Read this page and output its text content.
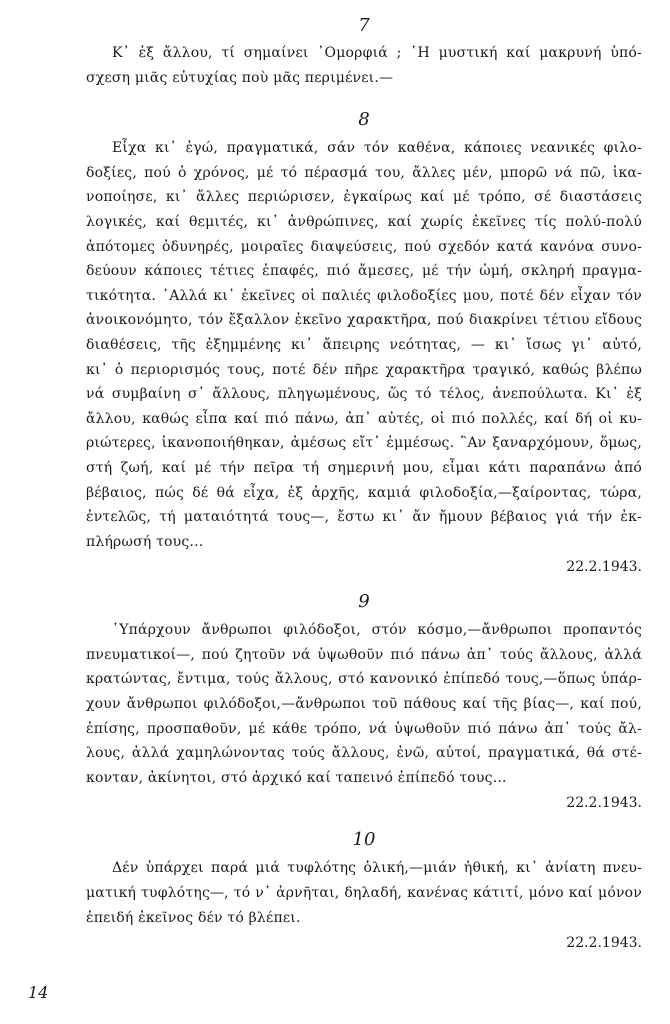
7

Κ᾿ ἐξ ἄλλου, τί σημαίνει ᾿Ομορφιά ; ῾Η μυστική καί μακρυνή ὑπό-
σχεση μιᾶς εὐτυχίας ποὺ μᾶς περιμένει.—

8

Εἶχα κι᾿ ἐγώ, πραγματικά, σάν τόν καθένα, κάποιες νεανικές φιλο-
δοξίες, πού ὁ χρόνος, μέ τό πέρασμά του, ἄλλες μέν, μπορῶ νά πῶ, ἱκα-
νοποίησε, κι᾿ ἄλλες περιώρισεν, ἐγκαίρως καί μέ τρόπο, σέ διαστάσεις
λογικές, καί θεμιτές, κι᾿ ἀνθρώπινες, καί χωρίς ἐκεῖνες τίς πολύ-πολύ
ἀπότομες ὀδυνηρές, μοιραῖες διαψεύσεις, πού σχεδόν κατά κανόνα συνο-
δεύουν κάποιες τέτιες ἐπαφές, πιό ἄμεσες, μέ τήν ὠμή, σκληρή πραγμα-
τικότητα. ᾿Αλλά κι᾿ ἐκεῖνες οἱ παλιές φιλοδοξίες μου, ποτέ δέν εἶχαν τόν
ἀνοικονόμητο, τόν ἔξαλλον ἐκεῖνο χαρακτῆρα, πού διακρίνει τέτιου εἴδους
διαθέσεις, τῆς ἐξημμένης κι᾿ ἄπειρης νεότητας, — κι᾿ ἴσως γι᾿ αὐτό,
κι᾿ ὁ περιορισμός τους, ποτέ δέν πῆρε χαρακτῆρα τραγικό, καθώς βλέπω
νά συμβαίνη σ᾿ ἄλλους, πληγωμένους, ὥς τό τέλος, ἀνεπούλωτα. Κι᾿ ἐξ
ἄλλου, καθώς εἶπα καί πιό πάνω, ἀπ᾿ αὐτές, οἱ πιό πολλές, καί δή οἱ κυ-
ριώτερες, ἱκανοποιήθηκαν, ἀμέσως εἴτ᾿ ἐμμέσως. ῍Αν ξαναρχόμουν, ὅμως,
στή ζωή, καί μέ τήν πεῖρα τή σημερινή μου, εἶμαι κάτι παραπάνω ἀπό
βέβαιος, πώς δέ θά εἶχα, ἐξ ἀρχῆς, καμιά φιλοδοξία,—ξαίροντας, τώρα,
ἐντελῶς, τή ματαιότητά τους—, ἔστω κι᾿ ἄν ἤμουν βέβαιος γιά τήν ἐκ-
πλήρωσή τους...

22.2.1943.

9

῾Υπάρχουν ἄνθρωποι φιλόδοξοι, στόν κόσμο,—ἄνθρωποι προπαντός
πνευματικοί—, πού ζητοῦν νά ὑψωθοῦν πιό πάνω ἀπ᾿ τούς ἄλλους, ἀλλά
κρατώντας, ἔντιμα, τούς ἄλλους, στό κανονικό ἐπίπεδό τους,—ὅπως ὑπάρ-
χουν ἄνθρωποι φιλόδοξοι,—ἄνθρωποι τοῦ πάθους καί τῆς βίας—, καί πού,
ἐπίσης, προσπαθοῦν, μέ κάθε τρόπο, νά ὑψωθοῦν πιό πάνω ἀπ᾿ τούς ἄλ-
λους, ἀλλά χαμηλώνοντας τούς ἄλλους, ἐνῶ, αὐτοί, πραγματικά, θά στέ-
κονταν, ἀκίνητοι, στό ἀρχικό καί ταπεινό ἐπίπεδό τους...

22.2.1943.

10

Δέν ὑπάρχει παρά μιά τυφλότης ὁλική,—μιάν ἠθική, κι᾿ ἀνίατη πνευ-
ματική τυφλότης—, τό ν᾿ ἀρνῆται, δηλαδή, κανένας κάτιτί, μόνο καί μόνον
ἐπειδή ἐκεῖνος δέν τό βλέπει.

22.2.1943.

14
